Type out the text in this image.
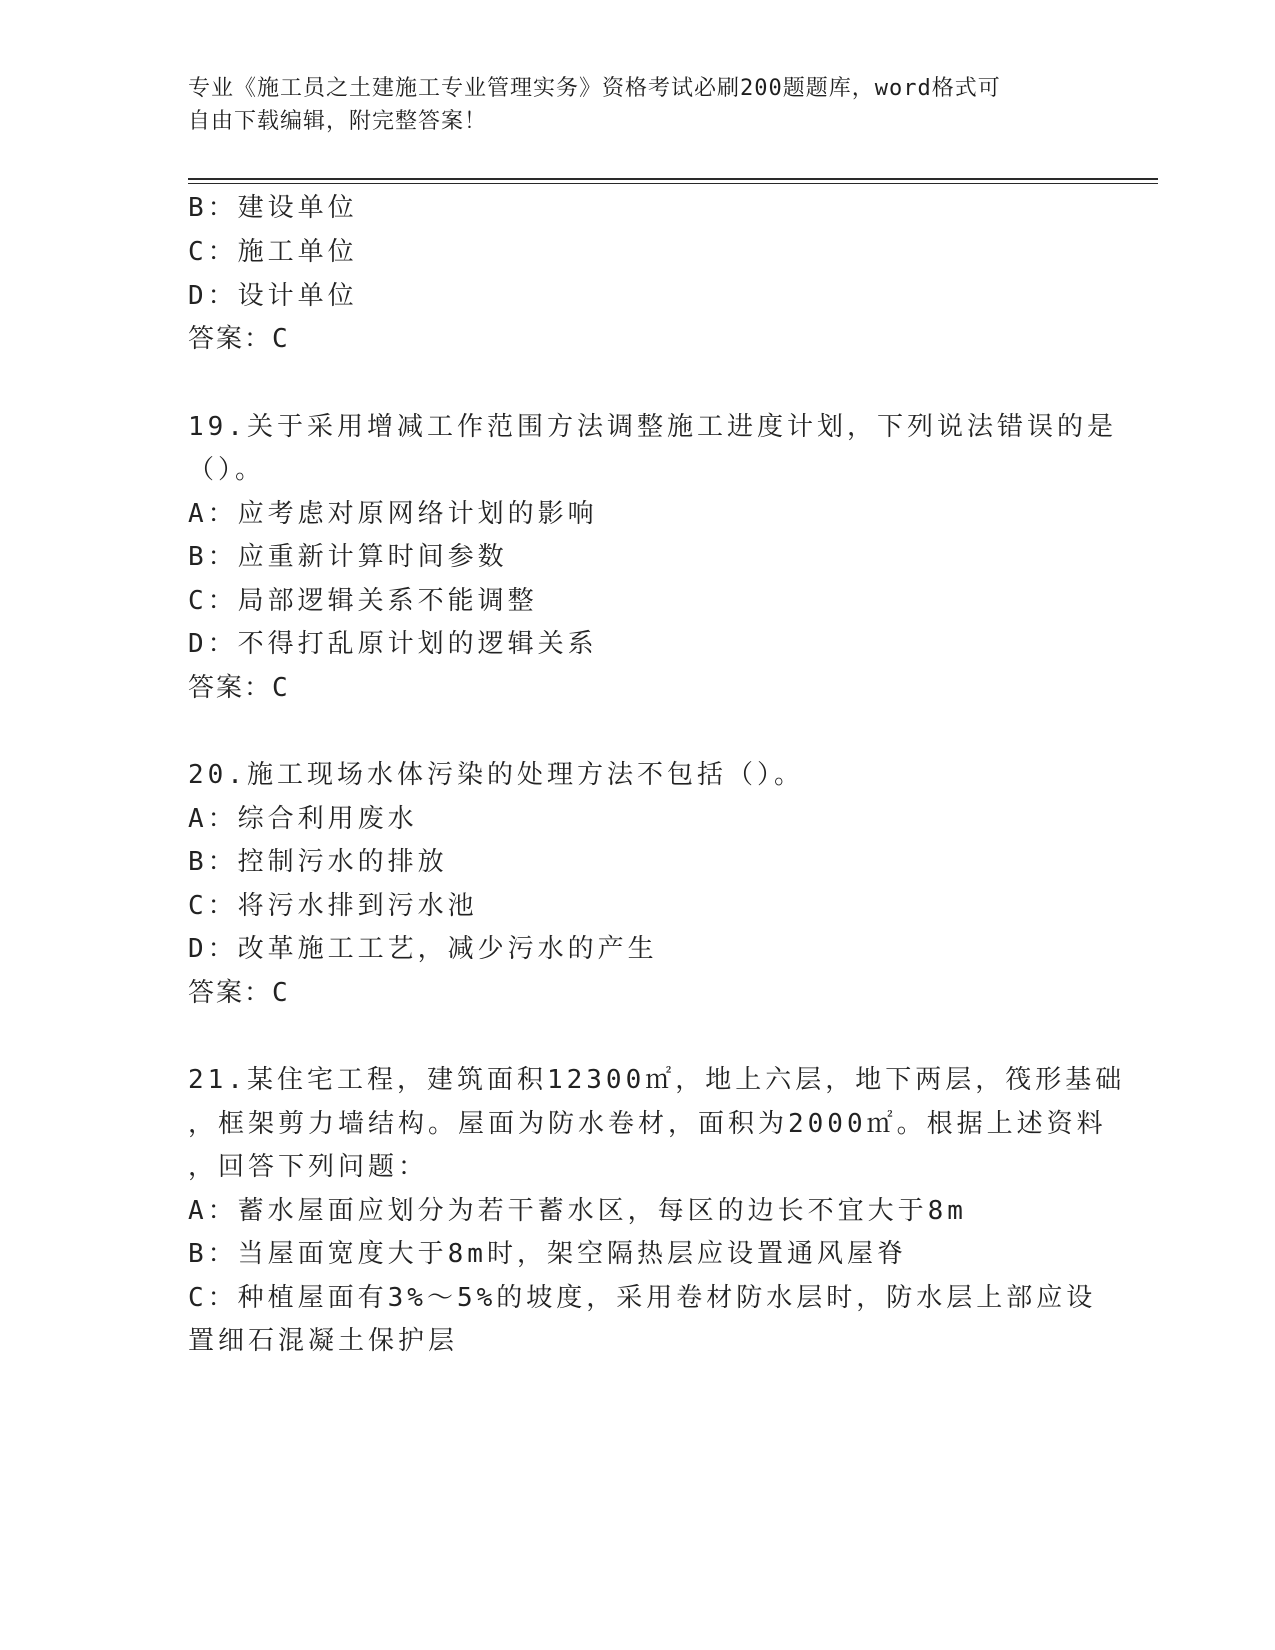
专业《施工员之土建施工专业管理实务》资格考试必刷200题题库，word格式可
自由下载编辑，附完整答案！
B：建设单位
C：施工单位
D：设计单位
答案：C
19.关于采用增减工作范围方法调整施工进度计划，下列说法错误的是
（）。
A：应考虑对原网络计划的影响
B：应重新计算时间参数
C：局部逻辑关系不能调整
D：不得打乱原计划的逻辑关系
答案：C
20.施工现场水体污染的处理方法不包括（）。
A：综合利用废水
B：控制污水的排放
C：将污水排到污水池
D：改革施工工艺，减少污水的产生
答案：C
21.某住宅工程，建筑面积12300㎡，地上六层，地下两层，筏形基础
，框架剪力墙结构。屋面为防水卷材，面积为2000㎡。根据上述资料
，回答下列问题：
A：蓄水屋面应划分为若干蓄水区，每区的边长不宜大于8m
B：当屋面宽度大于8m时，架空隔热层应设置通风屋脊
C：种植屋面有3%～5%的坡度，采用卷材防水层时，防水层上部应设
置细石混凝土保护层
